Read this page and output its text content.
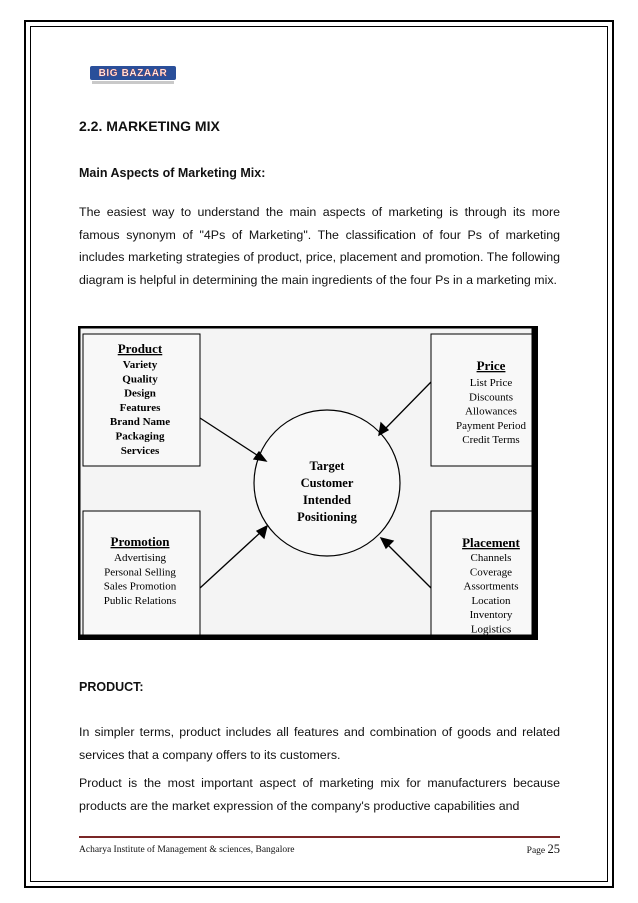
BIG BAZAAR
2.2. MARKETING MIX
Main Aspects of Marketing Mix:
The easiest way to understand the main aspects of marketing is through its more famous synonym of "4Ps of Marketing". The classification of four Ps of marketing includes marketing strategies of product, price, placement and promotion. The following diagram is helpful in determining the main ingredients of the four Ps in a marketing mix.
Product
Variety
Quality
Design
Features
Brand Name
Packaging
Services
Price
List Price
Discounts
Allowances
Payment Period
Credit Terms
Promotion
Advertising
Personal Selling
Sales Promotion
Public Relations
Placement
Channels
Coverage
Assortments
Location
Inventory
Logistics
Target
Customer
Intended
Positioning
PRODUCT:
In simpler terms, product includes all features and combination of goods and related services that a company offers to its customers.
Product is the most important aspect of marketing mix for manufacturers because products are the market expression of the company's productive capabilities and
Acharya Institute of Management & sciences, Bangalore	Page 25
